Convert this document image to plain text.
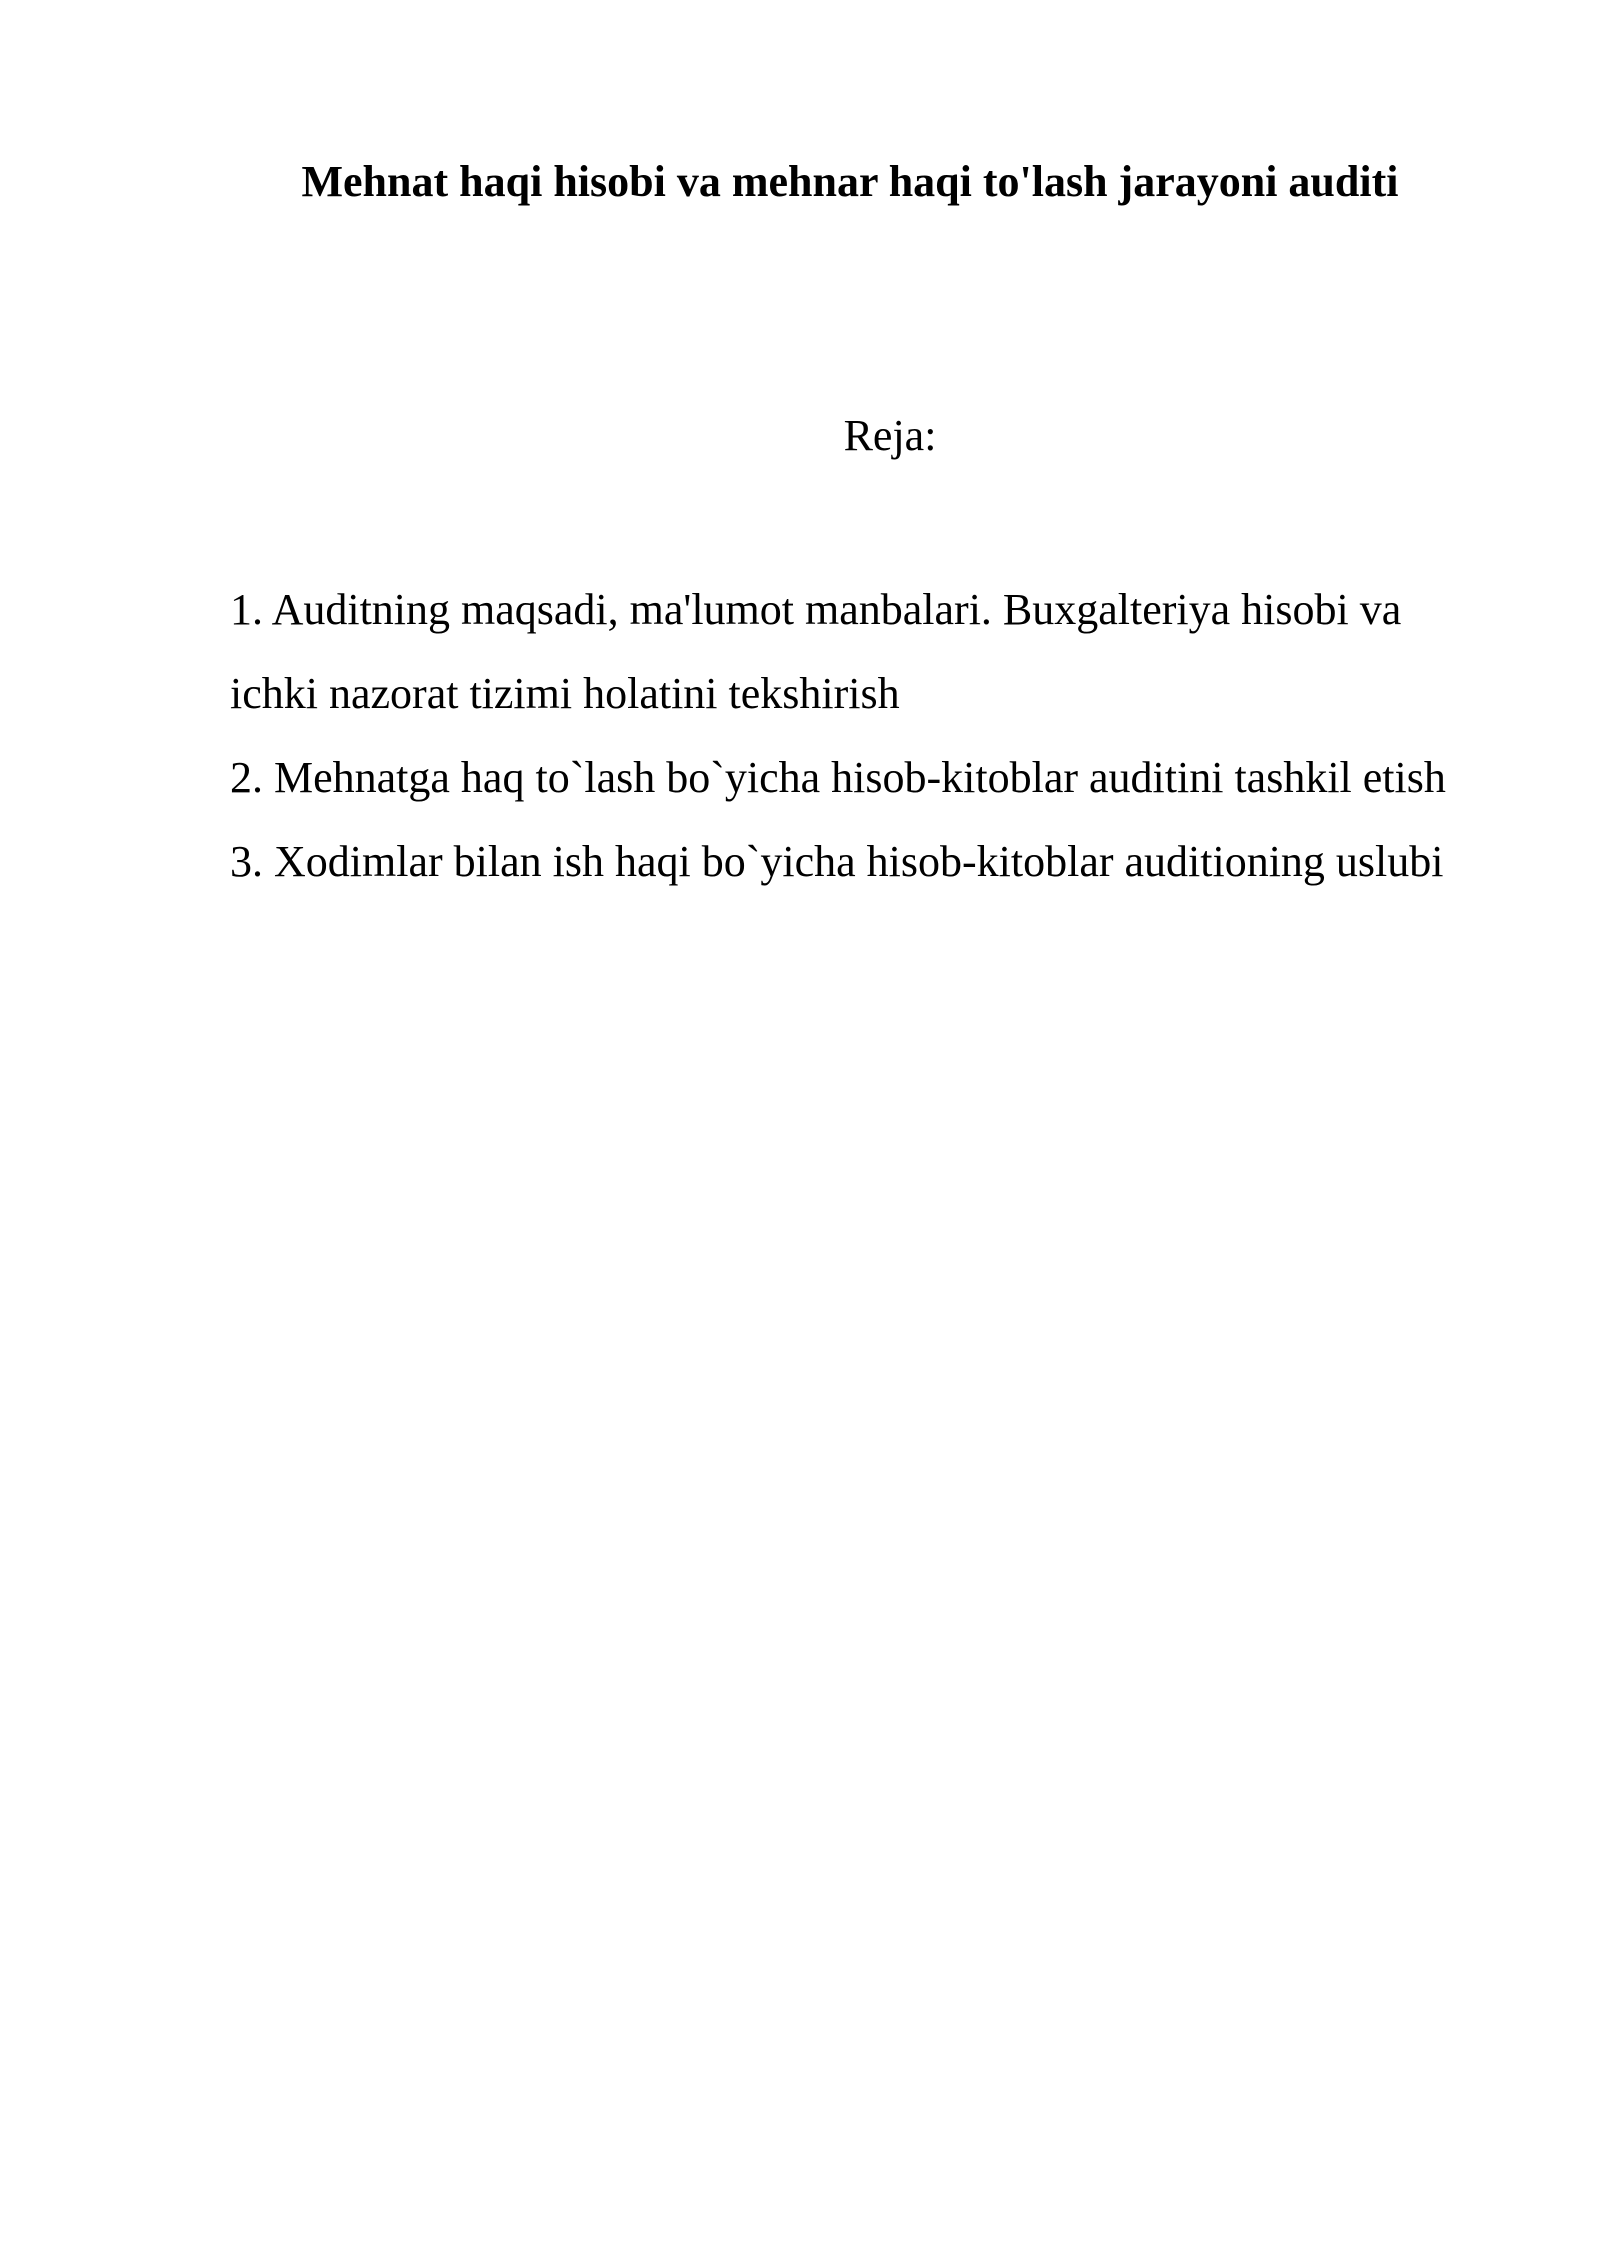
Mehnat haqi hisobi va mehnar haqi to'lash jarayoni auditi
Reja:
1. Auditning maqsadi, ma'lumot manbalari. Buxgalteriya hisobi va ichki nazorat tizimi holatini tekshirish
2. Mehnatga haq to`lash bo`yicha hisob-kitoblar auditini tashkil etish
3. Xodimlar bilan ish haqi bo`yicha hisob-kitoblar auditioning uslubi
